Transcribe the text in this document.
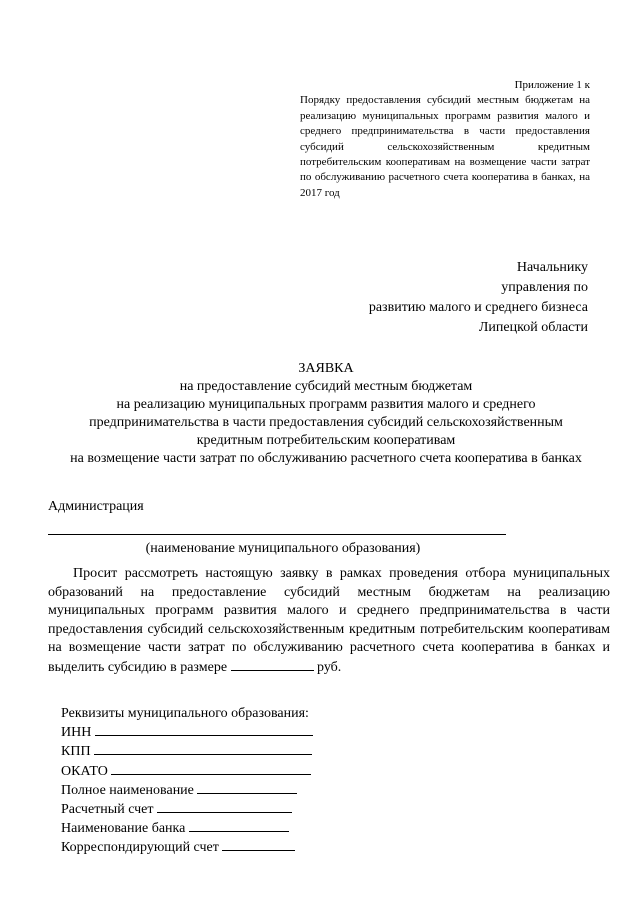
Приложение 1 к
Порядку предоставления субсидий местным бюджетам на реализацию муниципальных программ развития малого и среднего предпринимательства в части предоставления субсидий сельскохозяйственным кредитным потребительским кооперативам на возмещение части затрат по обслуживанию расчетного счета кооператива в банках, на 2017 год
Начальнику
управления по
развитию малого и среднего бизнеса
Липецкой области
ЗАЯВКА
на предоставление субсидий местным бюджетам
на реализацию муниципальных программ развития малого и среднего
предпринимательства в части предоставления субсидий сельскохозяйственным
кредитным потребительским кооперативам
на возмещение части затрат по обслуживанию расчетного счета кооператива в банках
Администрация
(наименование муниципального образования)

Просит рассмотреть настоящую заявку в рамках проведения отбора муниципальных образований на предоставление субсидий местным бюджетам на реализацию муниципальных программ развития малого и среднего предпринимательства в части предоставления субсидий сельскохозяйственным кредитным потребительским кооперативам на возмещение части затрат по обслуживанию расчетного счета кооператива в банках и выделить субсидию в размере	руб.

Реквизиты муниципального образования:
ИНН
КПП
ОКАТО
Полное наименование
Расчетный счет
Наименование банка
Корреспондирующий счет
